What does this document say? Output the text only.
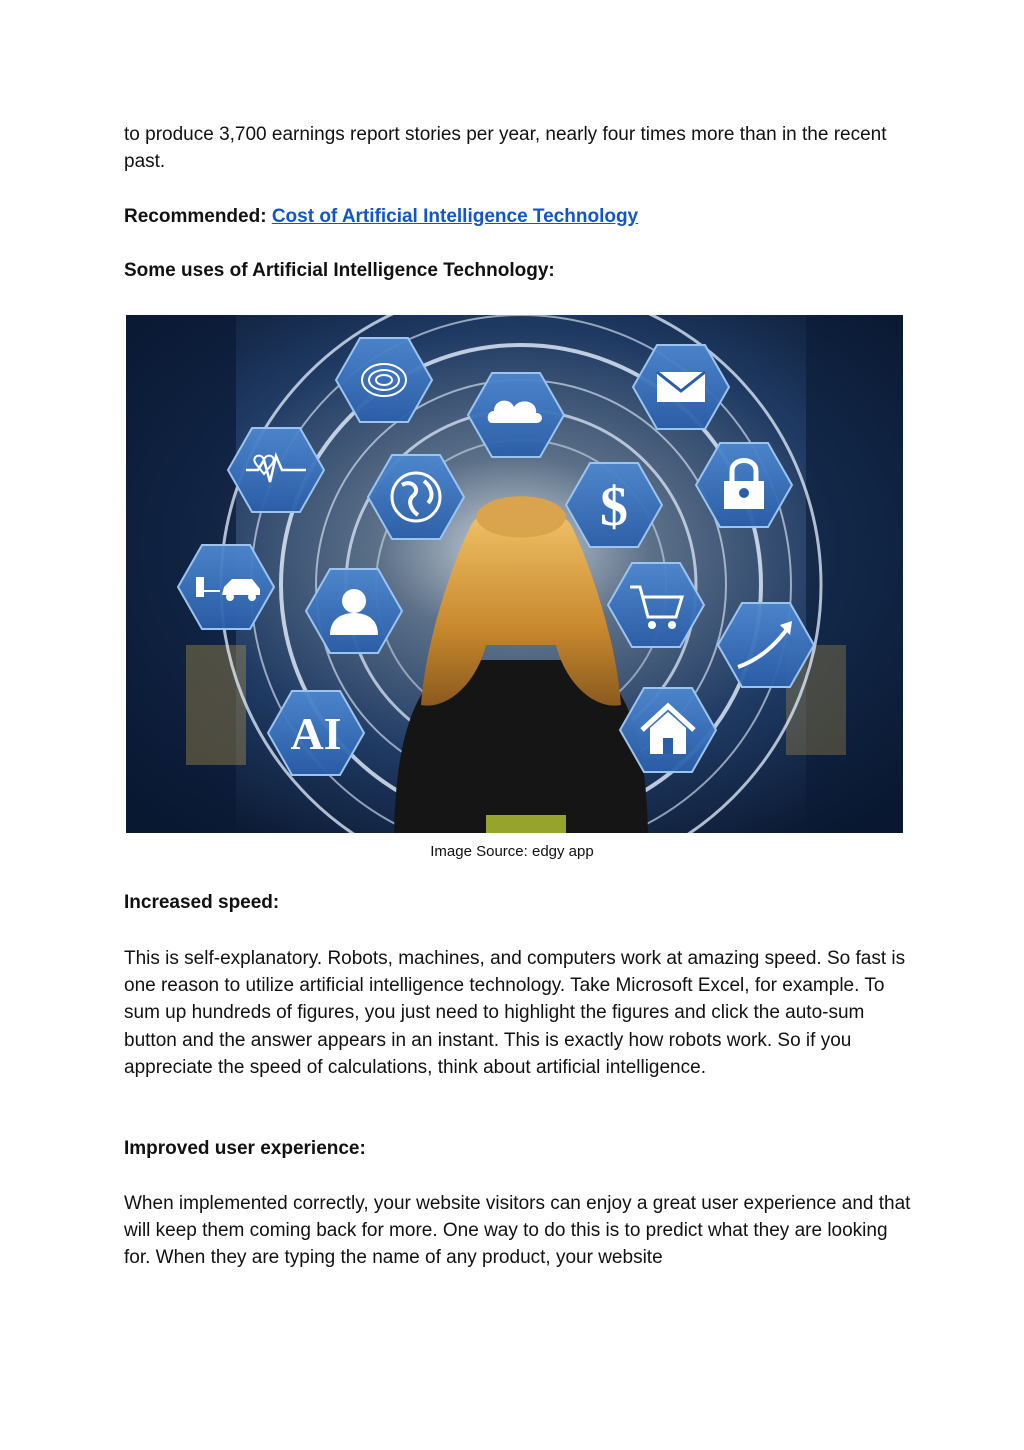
to produce 3,700 earnings report stories per year, nearly four times more than in the recent past.

Recommended: Cost of Artificial Intelligence Technology

Some uses of Artificial Intelligence Technology:

$
AI
Image Source: edgy app

Increased speed:

This is self-explanatory. Robots, machines, and computers work at amazing speed. So fast is one reason to utilize artificial intelligence technology. Take Microsoft Excel, for example. To sum up hundreds of figures, you just need to highlight the figures and click the auto-sum button and the answer appears in an instant. This is exactly how robots work. So if you appreciate the speed of calculations, think about artificial intelligence.

Improved user experience:

When implemented correctly, your website visitors can enjoy a great user experience and that will keep them coming back for more. One way to do this is to predict what they are looking for. When they are typing the name of any product, your website
